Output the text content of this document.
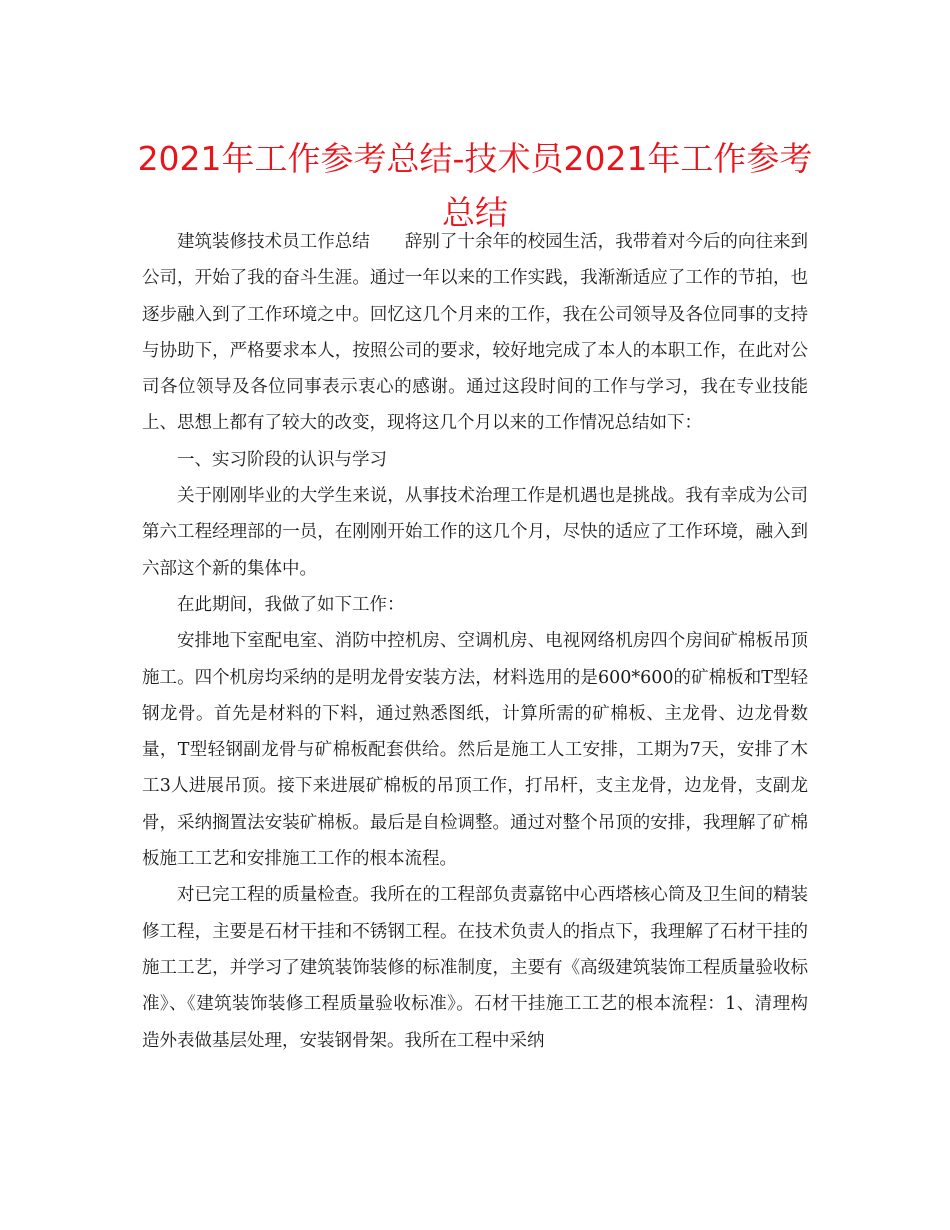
2021年工作参考总结-技术员2021年工作参考总结

建筑装修技术员工作总结　　辞别了十余年的校园生活，我带着对今后的向往来到公司，开始了我的奋斗生涯。通过一年以来的工作实践，我渐渐适应了工作的节拍，也逐步融入到了工作环境之中。回忆这几个月来的工作，我在公司领导及各位同事的支持与协助下，严格要求本人，按照公司的要求，较好地完成了本人的本职工作，在此对公司各位领导及各位同事表示衷心的感谢。通过这段时间的工作与学习，我在专业技能上、思想上都有了较大的改变，现将这几个月以来的工作情况总结如下：

一、实习阶段的认识与学习

关于刚刚毕业的大学生来说，从事技术治理工作是机遇也是挑战。我有幸成为公司第六工程经理部的一员，在刚刚开始工作的这几个月，尽快的适应了工作环境，融入到六部这个新的集体中。

在此期间，我做了如下工作：

安排地下室配电室、消防中控机房、空调机房、电视网络机房四个房间矿棉板吊顶施工。四个机房均采纳的是明龙骨安装方法，材料选用的是600*600的矿棉板和T型轻钢龙骨。首先是材料的下料，通过熟悉图纸，计算所需的矿棉板、主龙骨、边龙骨数量，T型轻钢副龙骨与矿棉板配套供给。然后是施工人工安排，工期为7天，安排了木工3人进展吊顶。接下来进展矿棉板的吊顶工作，打吊杆，支主龙骨，边龙骨，支副龙骨，采纳搁置法安装矿棉板。最后是自检调整。通过对整个吊顶的安排，我理解了矿棉板施工工艺和安排施工工作的根本流程。

对已完工程的质量检查。我所在的工程部负责嘉铭中心西塔核心筒及卫生间的精装修工程，主要是石材干挂和不锈钢工程。在技术负责人的指点下，我理解了石材干挂的施工工艺，并学习了建筑装饰装修的标准制度，主要有《高级建筑装饰工程质量验收标准》、《建筑装饰装修工程质量验收标准》。石材干挂施工工艺的根本流程：1、清理构造外表做基层处理，安装钢骨架。我所在工程中采纳
